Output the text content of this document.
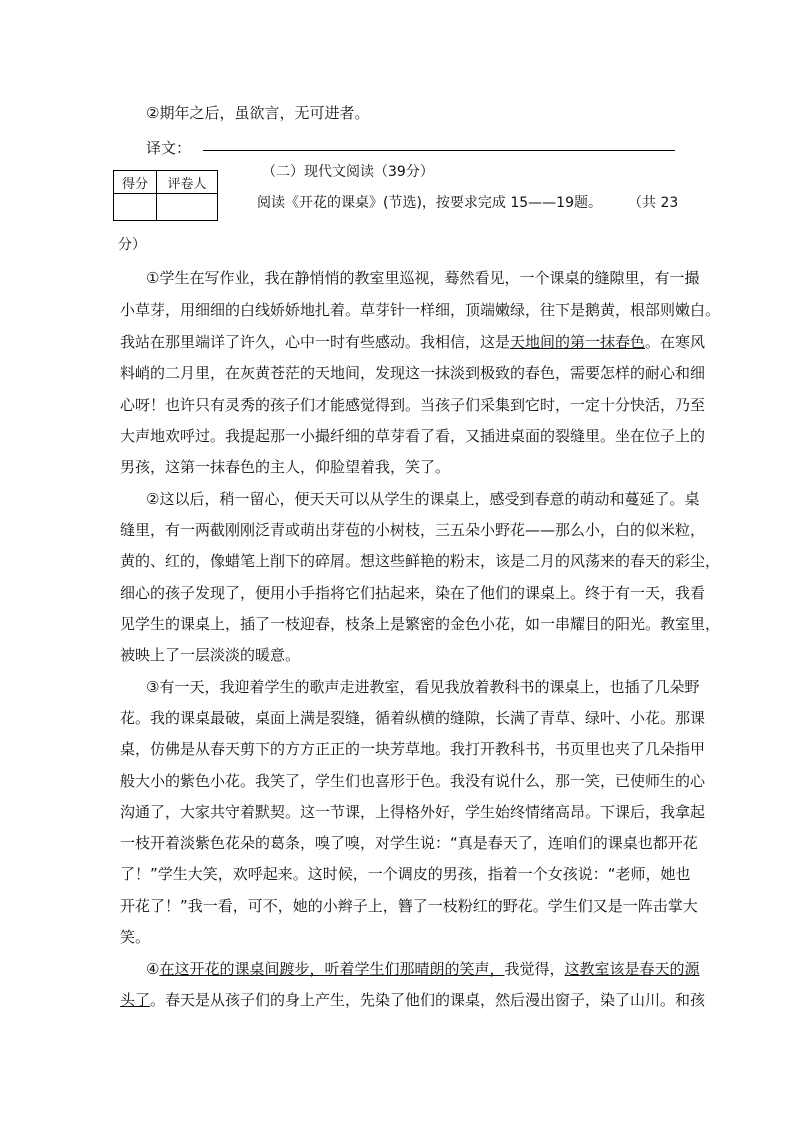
②期年之后，虽欲言，无可进者。
译文：
得分	评卷人

（二）现代文阅读（39分）
阅读《开花的课桌》(节选)，按要求完成 15——19题。 （共 23
分）
①学生在写作业，我在静悄悄的教室里巡视，蓦然看见，一个课桌的缝隙里，有一撮
小草芽，用细细的白线娇娇地扎着。草芽针一样细，顶端嫩绿，往下是鹅黄，根部则嫩白。
我站在那里端详了许久，心中一时有些感动。我相信，这是天地间的第一抹春色。在寒风
料峭的二月里，在灰黄苍茫的天地间，发现这一抹淡到极致的春色，需要怎样的耐心和细
心呀！也许只有灵秀的孩子们才能感觉得到。当孩子们采集到它时，一定十分快活，乃至
大声地欢呼过。我提起那一小撮纤细的草芽看了看，又插进桌面的裂缝里。坐在位子上的
男孩，这第一抹春色的主人，仰脸望着我，笑了。
②这以后，稍一留心，便天天可以从学生的课桌上，感受到春意的萌动和蔓延了。桌
缝里，有一两截刚刚泛青或萌出芽苞的小树枝，三五朵小野花——那么小，白的似米粒，
黄的、红的，像蜡笔上削下的碎屑。想这些鲜艳的粉末，该是二月的风荡来的春天的彩尘，
细心的孩子发现了，便用小手指将它们拈起来，染在了他们的课桌上。终于有一天，我看
见学生的课桌上，插了一枝迎春，枝条上是繁密的金色小花，如一串耀目的阳光。教室里，
被映上了一层淡淡的暖意。
③有一天，我迎着学生的歌声走进教室，看见我放着教科书的课桌上，也插了几朵野
花。我的课桌最破，桌面上满是裂缝，循着纵横的缝隙，长满了青草、绿叶、小花。那课
桌，仿佛是从春天剪下的方方正正的一块芳草地。我打开教科书，书页里也夹了几朵指甲
般大小的紫色小花。我笑了，学生们也喜形于色。我没有说什么，那一笑，已使师生的心
沟通了，大家共守着默契。这一节课，上得格外好，学生始终情绪高昂。下课后，我拿起
一枝开着淡紫色花朵的葛条，嗅了嗅，对学生说：“真是春天了，连咱们的课桌也都开花
了！”学生大笑，欢呼起来。这时候，一个调皮的男孩，指着一个女孩说：“老师，她也
开花了！”我一看，可不，她的小辫子上，簪了一枝粉红的野花。学生们又是一阵击掌大
笑。
④在这开花的课桌间踱步，听着学生们那晴朗的笑声，我觉得，这教室该是春天的源
头了。春天是从孩子们的身上产生，先染了他们的课桌，然后漫出窗子，染了山川。和孩
